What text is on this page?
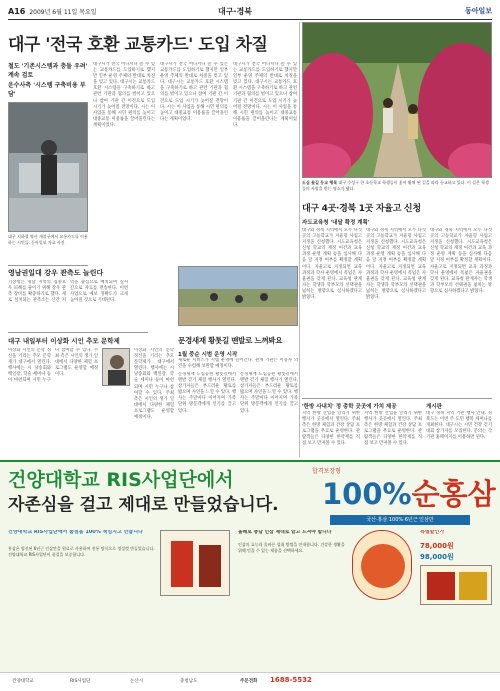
A16 2009년 6월 11일 목요일	대구·경북	동아일보
대구 '전국 호환 교통카드' 도입 차질
철도 '기존시스템과 충돌 우려' 계속 검토
운수사측 '시스템 구축비용 부담'
대구 지하철 역사 개찰구에서 교통카드를 이용하는 시민들. 동아일보 자료 사진
대구시가 전국 어디서나 쓸 수 있는 교통카드를 도입하기로 했지만 일부 운영 주체의 반대로 차질을 빚고 있다. 대구시는 교통카드 호환 시스템을 구축하기로 하고 관련 기관과 협의를 벌이고 있으나 참여 기관 간 이견으로 도입 시기가 늦어질 전망이다. 시는 이 사업을 통해 시민 편의를 높이고 대중교통 이용률을 끌어올린다는 계획이었다.
대구시가 전국 어디서나 쓸 수 있는 교통카드를 도입하기로 했지만 일부 운영 주체의 반대로 차질을 빚고 있다. 대구시는 교통카드 호환 시스템을 구축하기로 하고 관련 기관과 협의를 벌이고 있으나 참여 기관 간 이견으로 도입 시기가 늦어질 전망이다. 시는 이 사업을 통해 시민 편의를 높이고 대중교통 이용률을 끌어올린다는 계획이었다.
대구시가 전국 어디서나 쓸 수 있는 교통카드를 도입하기로 했지만 일부 운영 주체의 반대로 차질을 빚고 있다. 대구시는 교통카드 호환 시스템을 구축하기로 하고 관련 기관과 협의를 벌이고 있으나 참여 기관 간 이견으로 도입 시기가 늦어질 전망이다. 시는 이 사업을 통해 시민 편의를 높이고 대중교통 이용률을 끌어올린다는 계획이었다.
영남권일대 강우 관측도 늘린다
기상청은 영남 지역의 집중호우 피해를 줄이기 위해 강우 관측 장비를 확충하기로 했다. 새로 설치되는 관측소는 산간 지역을 중심으로 배치되며 실시간으로 자료를 전송한다. 이번 사업으로 예보 정확도가 크게 높아질 것으로 기대된다.
대구 내일부터 이상화 시인 추모 문학제
이상화 시인의 문학 정신을 기리는 추모 문학제가 대구에서 열린다. 행사에는 시 낭송회와 백일장, 학술 세미나 등이 마련되며 시민 누구나 참여할 수 있다. 주최 측은 시인의 생가 일대에서 다양한 체험 프로그램도 운영할 예정이다.
이상화 시인의 문학 정신을 기리는 추모 문학제가 대구에서 열린다. 행사에는 시 낭송회와 백일장, 학술 세미나 등이 마련되며 시민 누구나 참여할 수 있다. 주최 측은 시인의 생가 일대에서 다양한 체험 프로그램도 운영할 예정이다.
도심 꽃길 등교 행복 대구 수성구 한 초등학교 학생들이 꽃이 활짝 핀 길을 따라 등교하고 있다. 이 길은 학생들의 사랑을 받는 명소가 됐다.
대구 4곳·경북 1곳 자율고 신청
자도교육청 '내달 확정 계획'
대구와 경북 지역에서 모두 다섯 곳의 고등학교가 자율형 사립고 지정을 신청했다. 시도교육청은 신청 학교의 재정 여건과 교육 과정 운영 계획 등을 심사해 다음 달 지정 여부를 확정할 계획이다. 자율고로 지정되면 교육 과정과 학사 운영에서 폭넓은 자율권을 갖게 된다. 교육청 관계자는 학생과 학부모의 선택권을 넓히는 방향으로 심사하겠다고 밝혔다.
대구와 경북 지역에서 모두 다섯 곳의 고등학교가 자율형 사립고 지정을 신청했다. 시도교육청은 신청 학교의 재정 여건과 교육 과정 운영 계획 등을 심사해 다음 달 지정 여부를 확정할 계획이다. 자율고로 지정되면 교육 과정과 학사 운영에서 폭넓은 자율권을 갖게 된다. 교육청 관계자는 학생과 학부모의 선택권을 넓히는 방향으로 심사하겠다고 밝혔다.
대구와 경북 지역에서 모두 다섯 곳의 고등학교가 자율형 사립고 지정을 신청했다. 시도교육청은 신청 학교의 재정 여건과 교육 과정 운영 계획 등을 심사해 다음 달 지정 여부를 확정할 계획이다. 자율고로 지정되면 교육 과정과 학사 운영에서 폭넓은 자율권을 갖게 된다. 교육청 관계자는 학생과 학부모의 선택권을 넓히는 방향으로 심사하겠다고 밝혔다.
1월 중순 시범 운영 시작
새로운 서비스가 시범 운영에 들어간다. 관계 기관은 이용자 의견을 수렴해 보완할 예정이다.
문경새재 황톳길 맨발로 느껴봐요
문경새재 도립공원 황톳길에서 맨발 걷기 체험 행사가 열린다. 참가자들은 부드러운 황토를 밟으며 자연을 느낄 수 있다. 행사는 주말마다 이어지며 가족 단위 방문객에게 인기를 끌고 있다.
문경새재 도립공원 황톳길에서 맨발 걷기 체험 행사가 열린다. 참가자들은 부드러운 황토를 밟으며 자연을 느낄 수 있다. 행사는 주말마다 이어지며 가족 단위 방문객에게 인기를 끌고 있다.
'한방 사내치' 정 총학 곳곳에 가치 제공
지역 한방 산업을 알리기 위한 행사가 곳곳에서 열린다. 주최 측은 한방 체험과 건강 상담 프로그램을 무료로 운영한다. 관람객들은 다양한 한약재를 직접 보고 만져볼 수 있다.
지역 한방 산업을 알리기 위한 행사가 곳곳에서 열린다. 주최 측은 한방 체험과 건강 상담 프로그램을 무료로 운영한다. 관람객들은 다양한 한약재를 직접 보고 만져볼 수 있다.
게시판
대구 경북 지역 기관 행사 안내. 경북도는 이번 주 도민 행복 세미나를 개최한다. 대구시는 시민 건강 걷기 대회 참가자를 모집한다. 문의는 각 기관 홈페이지를 이용하면 된다.
건양대학교 RIS사업단에서
자존심을 걸고 제대로 만들었습니다.
합격보장형
100%순홍삼
국산·홍삼 100%·6년근 인삼만
건양대학교 RIS사업단에서 품질을 100% 책임지고 만듭니다
홍삼은 엄선된 6년근 인삼만을 원료로 사용하여 전통 방식으로 정성껏 만들었습니다. 건양대학교 RIS사업단이 품질을 보증합니다.
올해로 충남 인삼 제대로 알고 드셔야 합니다
인삼의 효능과 올바른 섭취 방법을 안내합니다. 건강한 생활을 위해 믿을 수 있는 제품을 선택하세요.
특별할인가
78,000원
98,000원
건양대학교	RIS사업단	논산시	충청남도	주문전화 1688-5532
